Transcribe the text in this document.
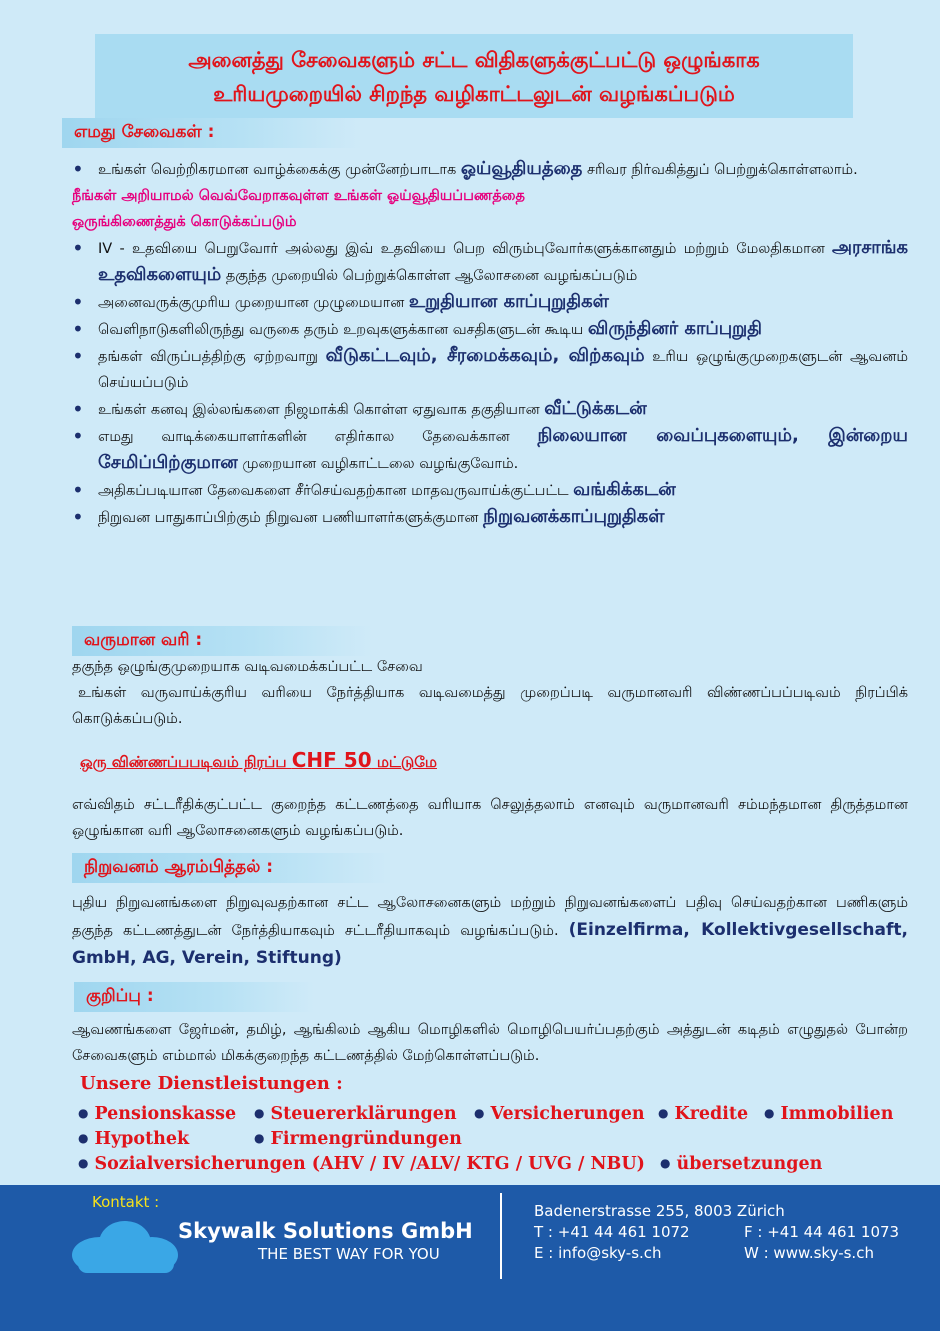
அனைத்து சேவைகளும் சட்ட விதிகளுக்குட்பட்டு ஒழுங்காக
உரியமுறையில் சிறந்த வழிகாட்டலுடன் வழங்கப்படும்
எமது சேவைகள் :
• உங்கள் வெற்றிகரமான வாழ்க்கைக்கு முன்னேற்பாடாக ஓய்வூதியத்தை சரிவர நிர்வகித்துப் பெற்றுக்கொள்ளலாம்.
நீங்கள் அறியாமல் வெவ்வேறாகவுள்ள உங்கள் ஓய்வூதியப்பணத்தை
ஒருங்கிணைத்துக் கொடுக்கப்படும்
• IV - உதவியை பெறுவோர் அல்லது இவ் உதவியை பெற விரும்புவோர்களுக்கானதும் மற்றும் மேலதிகமான அரசாங்க உதவிகளையும் தகுந்த முறையில் பெற்றுக்கொள்ள ஆலோசனை வழங்கப்படும்
• அனைவருக்குமுரிய முறையான முழுமையான உறுதியான காப்புறுதிகள்
• வெளிநாடுகளிலிருந்து வருகை தரும் உறவுகளுக்கான வசதிகளுடன் கூடிய விருந்தினர் காப்புறுதி
• தங்கள் விருப்பத்திற்கு ஏற்றவாறு வீடுகட்டவும், சீரமைக்கவும், விற்கவும் உரிய ஒழுங்குமுறைகளுடன் ஆவனம் செய்யப்படும்
• உங்கள் கனவு இல்லங்களை நிஜமாக்கி கொள்ள ஏதுவாக தகுதியான வீட்டுக்கடன்
• எமது வாடிக்கையாளர்களின் எதிர்கால தேவைக்கான நிலையான வைப்புகளையும், இன்றைய சேமிப்பிற்குமான முறையான வழிகாட்டலை வழங்குவோம்.
• அதிகப்படியான தேவைகளை சீர்செய்வதற்கான மாதவருவாய்க்குட்பட்ட வங்கிக்கடன்
• நிறுவன பாதுகாப்பிற்கும் நிறுவன பணியாளர்களுக்குமான நிறுவனக்காப்புறுதிகள்
வருமான வரி :
தகுந்த ஒழுங்குமுறையாக வடிவமைக்கப்பட்ட சேவை
உங்கள் வருவாய்க்குரிய வரியை நேர்த்தியாக வடிவமைத்து முறைப்படி வருமானவரி விண்ணப்பப்படிவம் நிரப்பிக் கொடுக்கப்படும்.
ஒரு விண்ணப்பபடிவம் நிரப்ப CHF 50 மட்டுமே
எவ்விதம் சட்டரீதிக்குட்பட்ட குறைந்த கட்டணத்தை வரியாக செலுத்தலாம் எனவும் வருமானவரி சம்மந்தமான திருத்தமான ஒழுங்கான வரி ஆலோசனைகளும் வழங்கப்படும்.
நிறுவனம் ஆரம்பித்தல் :
புதிய நிறுவனங்களை நிறுவுவதற்கான சட்ட ஆலோசனைகளும் மற்றும் நிறுவனங்களைப் பதிவு செய்வதற்கான பணிகளும் தகுந்த கட்டணத்துடன் நேர்த்தியாகவும் சட்டரீதியாகவும் வழங்கப்படும். (Einzelfirma, Kollektivgesellschaft, GmbH, AG, Verein, Stiftung)
குறிப்பு :
ஆவணங்களை ஜேர்மன், தமிழ், ஆங்கிலம் ஆகிய மொழிகளில் மொழிபெயர்ப்பதற்கும் அத்துடன் கடிதம் எழுதுதல் போன்ற சேவைகளும் எம்மால் மிகக்குறைந்த கட்டணத்தில் மேற்கொள்ளப்படும்.
Unsere Dienstleistungen :
● Pensionskasse	● Steuererklärungen	● Versicherungen	● Kredite	● Immobilien
● Hypothek	● Firmengründungen
● Sozialversicherungen (AHV / IV /ALV/ KTG / UVG / NBU)	● übersetzungen
Kontakt :
Skywalk Solutions GmbH
THE BEST WAY FOR YOU
Badenerstrasse 255, 8003 Zürich
T : +41 44 461 1072	F : +41 44 461 1073
E : info@sky-s.ch	W : www.sky-s.ch
